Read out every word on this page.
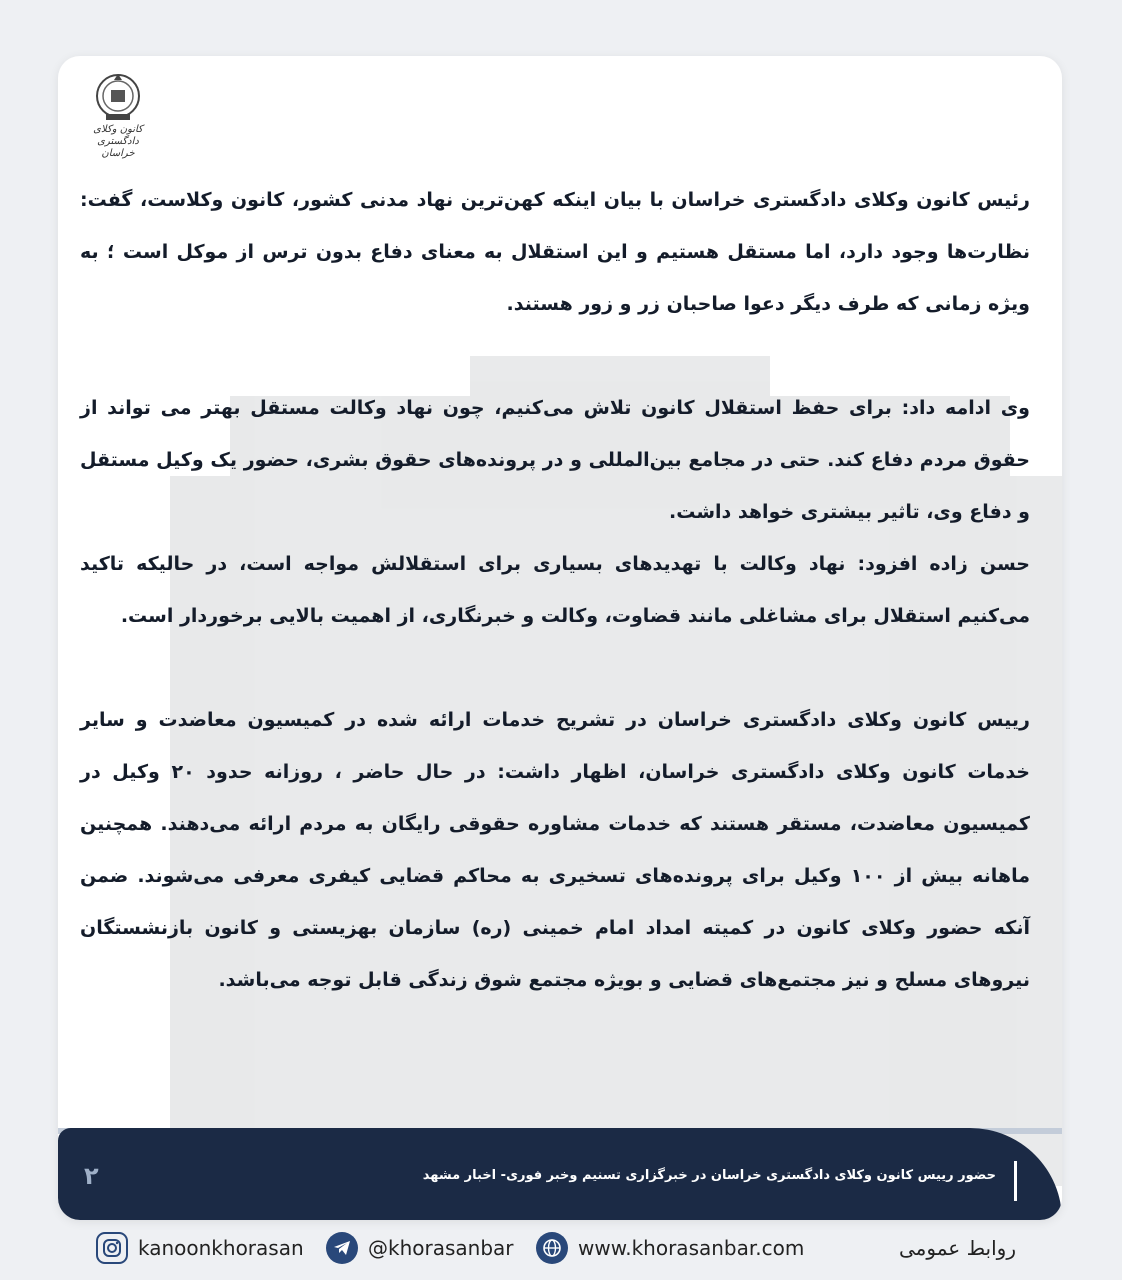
کانون وکلای دادگستری
خراسان

رئیس کانون وکلای دادگستری خراسان با بیان اینکه کهن‌ترین نهاد مدنی کشور، کانون وکلاست، گفت: نظارت‌ها وجود دارد، اما مستقل هستیم و این استقلال به معنای دفاع بدون ترس از موکل است ؛ به ویژه زمانی که طرف دیگر دعوا صاحبان زر و زور هستند.

وی ادامه داد: برای حفظ استقلال کانون تلاش می‌کنیم، چون نهاد وکالت مستقل بهتر می تواند از حقوق مردم دفاع کند. حتی در مجامع بین‌المللی و در پرونده‌های حقوق بشری، حضور یک وکیل مستقل و دفاع وی، تاثیر بیشتری خواهد داشت.

حسن زاده افزود: نهاد وکالت با تهدیدهای بسیاری برای استقلالش مواجه است، در حالیکه تاکید می‌کنیم استقلال برای مشاغلی مانند قضاوت، وکالت و خبرنگاری، از اهمیت بالایی برخوردار است.

رییس کانون وکلای دادگستری خراسان در تشریح خدمات ارائه شده در کمیسیون معاضدت و سایر خدمات کانون وکلای دادگستری خراسان، اظهار داشت: در حال حاضر ، روزانه حدود ۲۰ وکیل در کمیسیون معاضدت، مستقر هستند که خدمات مشاوره حقوقی رایگان به مردم ارائه می‌دهند. همچنین ماهانه بیش از ۱۰۰ وکیل برای پرونده‌های تسخیری به محاکم قضایی کیفری معرفی می‌شوند. ضمن آنکه حضور وکلای کانون در کمیته امداد امام خمینی (ره) سازمان بهزیستی و کانون بازنشستگان نیروهای مسلح و نیز مجتمع‌های قضایی و بویژه مجتمع شوق زندگی قابل توجه می‌باشد.

حضور رییس کانون وکلای دادگستری خراسان در خبرگزاری تسنیم وخبر فوری- اخبار مشهد
۲
kanoonkhorasan	@khorasanbar	www.khorasanbar.com	روابط عمومی
